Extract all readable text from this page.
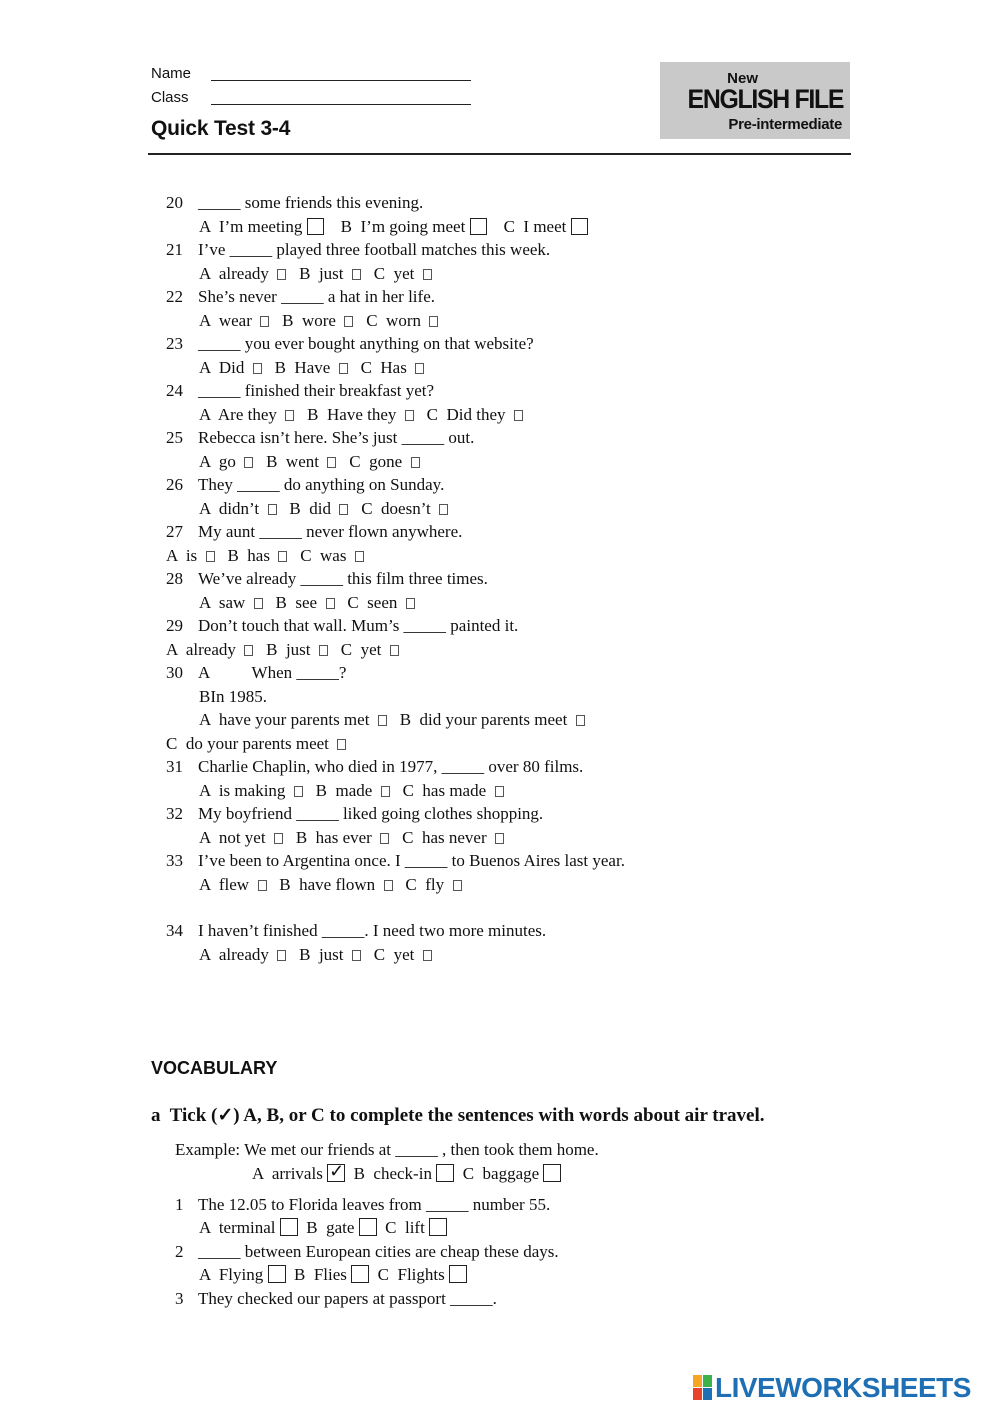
Name
Class
Quick Test 3-4
New
ENGLISH FILE
Pre-intermediate
20 _____ some friends this evening.
A  I’m meeting B  I’m going meet C  I meet
21 I’ve _____ played three football matches this week.
A  already B  just C  yet
22 She’s never _____ a hat in her life.
A  wear B  wore C  worn
23 _____ you ever bought anything on that website?
A  Did B  Have C  Has
24 _____ finished their breakfast yet?
A  Are they B  Have they C  Did they
25 Rebecca isn’t here. She’s just _____ out.
A  go B  went C  gone
26 They _____ do anything on Sunday.
A  didn’t B  did C  doesn’t
27 My aunt _____ never flown anywhere.
A  is B  has C  was
28 We’ve already _____ this film three times.
A  saw B  see C  seen
29 Don’t touch that wall. Mum’s _____ painted it.
A  already B  just C  yet
30 A          When _____?
BIn 1985.
A  have your parents met B  did your parents meet
C  do your parents meet
31 Charlie Chaplin, who died in 1977, _____ over 80 films.
A  is making B  made C  has made
32 My boyfriend _____ liked going clothes shopping.
A  not yet B  has ever C  has never
33 I’ve been to Argentina once. I _____ to Buenos Aires last year.
A  flew B  have flown C  fly
34 I haven’t finished _____. I need two more minutes.
A  already B  just C  yet
VOCABULARY
a Tick (✓) A, B, or C to complete the sentences with words about air travel.
Example: We met our friends at _____ , then took them home.
A  arrivals ✓ B  check-in C  baggage
1 The 12.05 to Florida leaves from _____ number 55.
A  terminal B  gate C  lift
2 _____ between European cities are cheap these days.
A  Flying B  Flies C  Flights
3 They checked our papers at passport _____.
LIVEWORKSHEETS
